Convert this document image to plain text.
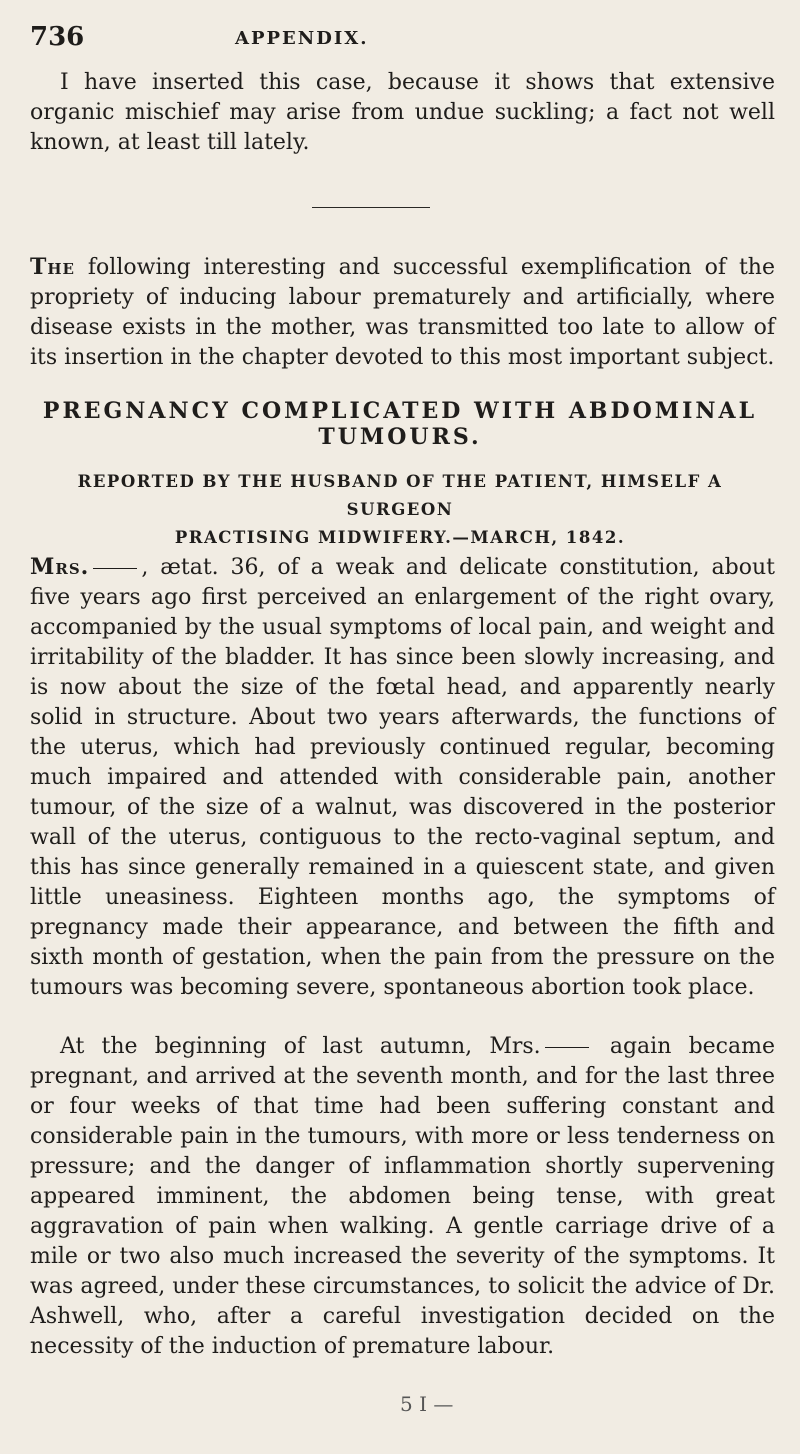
736	APPENDIX.

I have inserted this case, because it shows that extensive organic mischief may arise from undue suckling; a fact not well known, at least till lately.

The following interesting and successful exemplification of the propriety of inducing labour prematurely and artificially, where disease exists in the mother, was transmitted too late to allow of its insertion in the chapter devoted to this most important subject.

PREGNANCY COMPLICATED WITH ABDOMINAL TUMOURS.
REPORTED BY THE HUSBAND OF THE PATIENT, HIMSELF A SURGEON
PRACTISING MIDWIFERY.—MARCH, 1842.

Mrs. , ætat. 36, of a weak and delicate constitution, about five years ago first perceived an enlargement of the right ovary, accompanied by the usual symptoms of local pain, and weight and irritability of the bladder. It has since been slowly increasing, and is now about the size of the fœtal head, and apparently nearly solid in structure. About two years afterwards, the functions of the uterus, which had previously continued regular, becoming much impaired and attended with considerable pain, another tumour, of the size of a walnut, was discovered in the posterior wall of the uterus, contiguous to the recto-vaginal septum, and this has since generally remained in a quiescent state, and given little uneasiness. Eighteen months ago, the symptoms of pregnancy made their appearance, and between the fifth and sixth month of gestation, when the pain from the pressure on the tumours was becoming severe, spontaneous abortion took place.

At the beginning of last autumn, Mrs. again became pregnant, and arrived at the seventh month, and for the last three or four weeks of that time had been suffering constant and considerable pain in the tumours, with more or less tenderness on pressure; and the danger of inflammation shortly supervening appeared imminent, the abdomen being tense, with great aggravation of pain when walking. A gentle carriage drive of a mile or two also much increased the severity of the symptoms. It was agreed, under these circumstances, to solicit the advice of Dr. Ashwell, who, after a careful investigation decided on the necessity of the induction of premature labour.

5 I —
